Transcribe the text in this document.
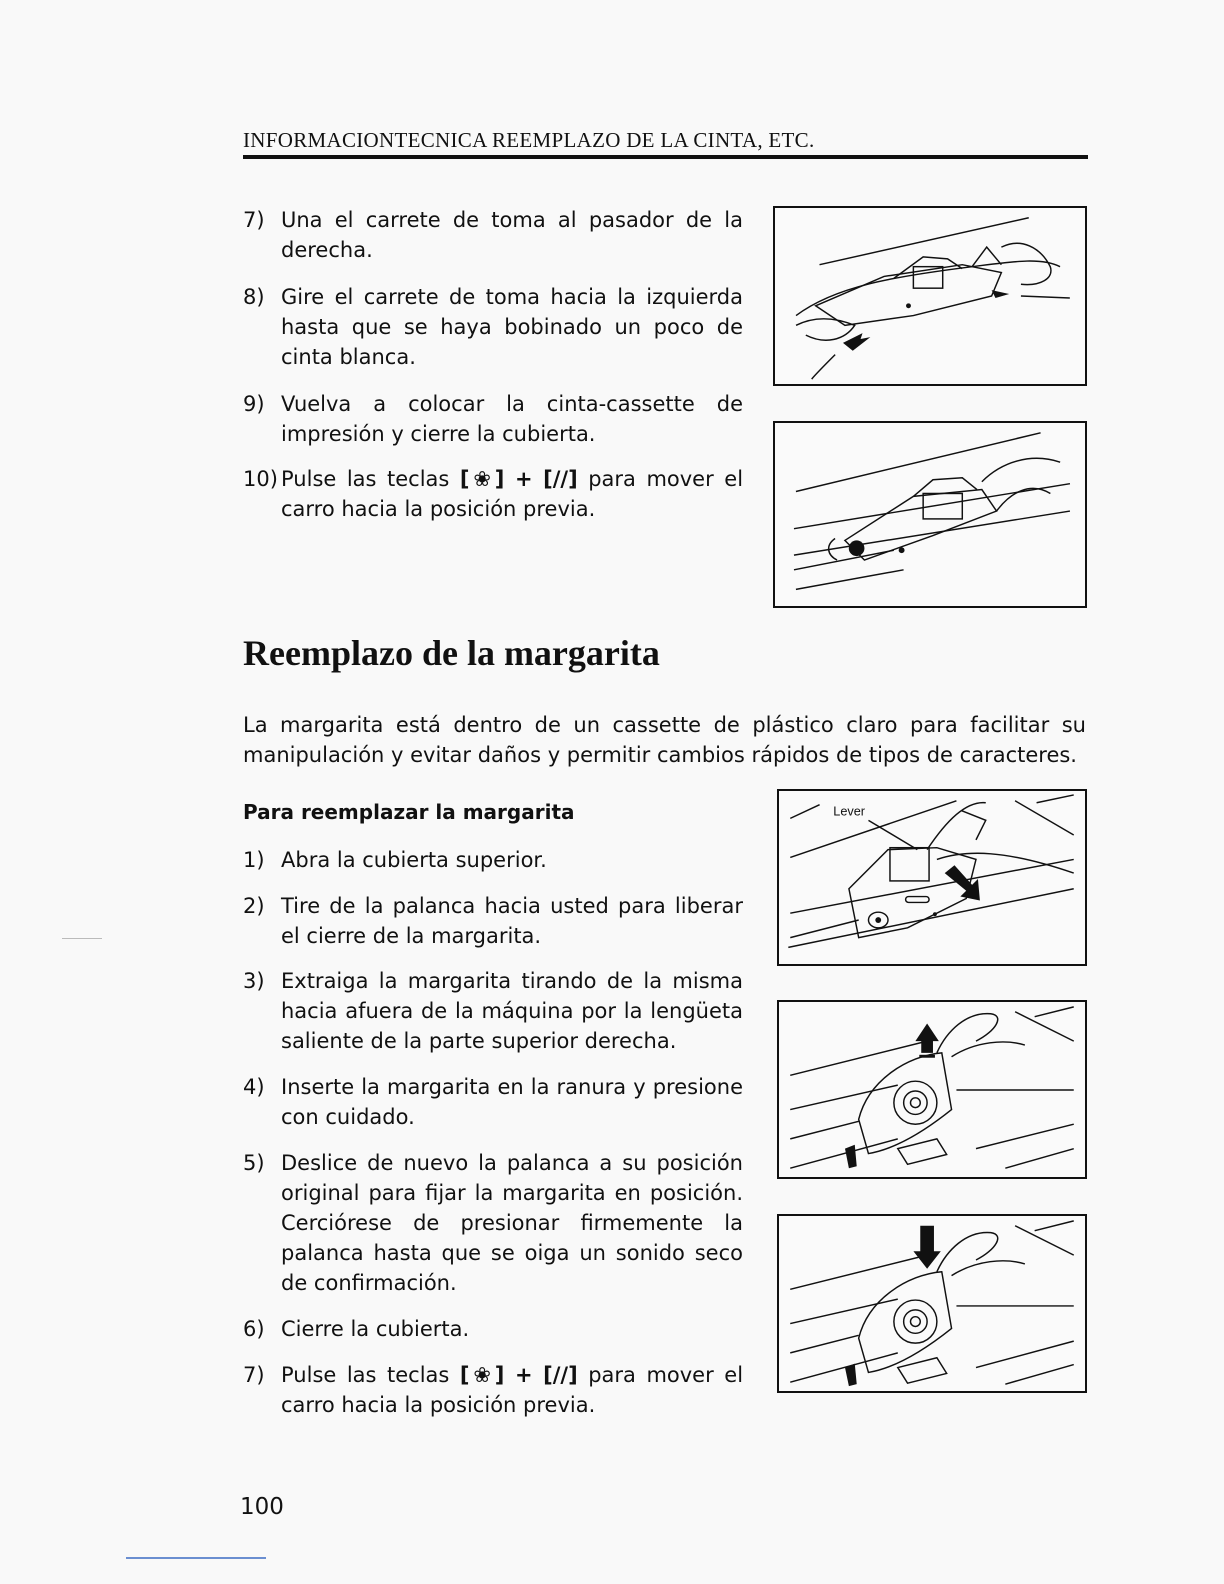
INFORMACIONTECNICA REEMPLAZO DE LA CINTA, ETC.
7) Una el carrete de toma al pasador de la derecha.
8) Gire el carrete de toma hacia la izquierda hasta que se haya bobinado un poco de cinta blanca.
9) Vuelva a colocar la cinta-cassette de impresión y cierre la cubierta.
10) Pulse las teclas [❀] + [//] para mover el carro hacia la posición previa.
Reemplazo de la margarita
La margarita está dentro de un cassette de plástico claro para facilitar su manipulación y evitar daños y permitir cambios rápidos de tipos de caracteres.
Para reemplazar la margarita
1) Abra la cubierta superior.
2) Tire de la palanca hacia usted para liberar el cierre de la margarita.
3) Extraiga la margarita tirando de la misma hacia afuera de la máquina por la lengüeta saliente de la parte superior derecha.
4) Inserte la margarita en la ranura y presione con cuidado.
5) Deslice de nuevo la palanca a su posición original para fijar la margarita en posición. Cerciórese de presionar firmemente la palanca hasta que se oiga un sonido seco de confirmación.
6) Cierre la cubierta.
7) Pulse las teclas [❀] + [//] para mover el carro hacia la posición previa.
Lever
100
